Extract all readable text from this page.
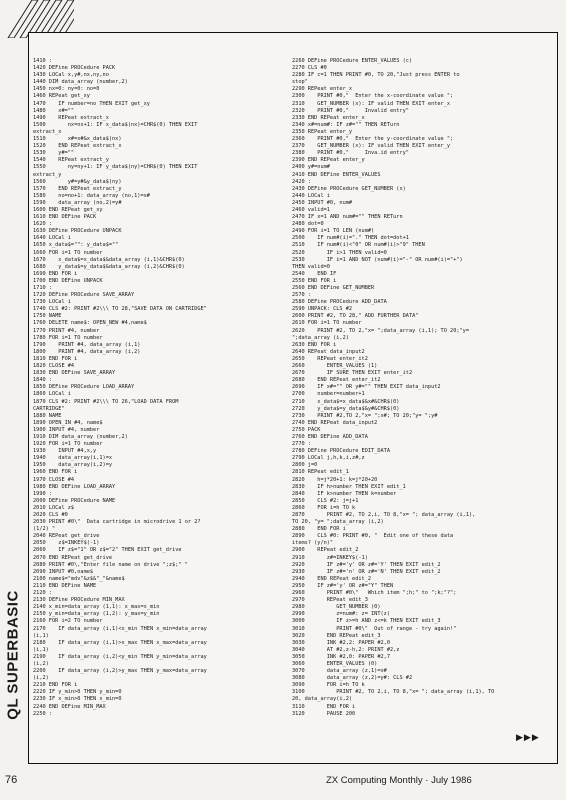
1410 :
1420 DEFine PROCedure PACK
1430 LOCal x,y#,nx,ny,no
1440 DIM data_array (number,2)
1450 nx=0: ny=0: no=0
1460 REPeat get_xy
1470    IF number=no THEN EXIT get_xy
1480    x#=""
1490    REPeat extract_x
1500       nx=nx+1: IF x_data$(nx)=CHR$(0) THEN EXIT
extract_x
1510       x#=x#&x_data$(nx)
1520    END REPeat extract_x
1530    y#=""
1540    REPeat extract_y
1550       ny=ny+1: IF y_data$(ny)=CHR$(0) THEN EXIT
extract_y
1560       y#=y#&y_data$(ny)
1570    END REPeat extract_y
1580    no=no+1: data_array (no,1)=x#
1590    data_array (no,2)=y#
1600 END REPeat get_xy
1610 END DEFine PACK
1620 :
1630 DEFine PROCedure UNPACK
1640 LOCal i
1650 x_data$="": y_data$=""
1660 FOR i=1 TO number
1670    x_data$=x_data$&data_array (i,1)&CHR$(0)
1680    y_data$=y_data$&data_array (i,2)&CHR$(0)
1690 END FOR i
1700 END DEFine UNPACK
1710 :
1720 DEFine PROCedure SAVE_ARRAY
1730 LOCal i
1740 CLS #2: PRINT #2\\\ TO 28,"SAVE DATA ON CARTRIDGE"
1750 NAME
1760 DELETE name$: OPEN_NEW #4,name$
1770 PRINT #4, number
1780 FOR i=1 TO number
1790    PRINT #4, data_array (i,1)
1800    PRINT #4, data_array (i,2)
1810 END FOR i
1820 CLOSE #4
1830 END DEFine SAVE_ARRAY
1840 :
1850 DEFine PROCedure LOAD_ARRAY
1860 LOCal i
1870 CLS #2: PRINT #2\\\ TO 26,"LOAD DATA FROM
CARTRIDGE"
1880 NAME
1890 OPEN_IN #4, name$
1900 INPUT #4, number
1910 DIM data_array (number,2)
1920 FOR i=1 TO number
1930    INPUT #4,x,y
1940    data_array(i,1)=x
1950    data_array(i,2)=y
1960 END FOR i
1970 CLOSE #4
1980 END DEFine LOAD_ARRAY
1990 :
2000 DEFine PROCedure NAME
2010 LOCal z$
2020 CLS #0
2030 PRINT #0\"  Data cartridge in microdrive 1 or 2?
(1/2) "
2040 REPeat get_drive
2050    z$=INKEY$(-1)
2060    IF z$="1" OR z$="2" THEN EXIT get_drive
2070 END REPeat get_drive
2080 PRINT #0\,"Enter file name on drive ";z$;" "
2090 INPUT #0,name$
2100 name$="mdv"&z$&"_"&name$
2110 END DEFine NAME
2120 :
2130 DEFine PROCedure MIN_MAX
2140 x_min=data_array (1,1): x_max=x_min
2150 y_min=data_array (1,2): y_max=y_min
2160 FOR i=2 TO number
2170    IF data_array (i,1)<x_min THEN x_min=data_array
(i,1)
2180    IF data_array (i,1)>x_max THEN x_max=data_array
(i,1)
2190    IF data_array (i,2)<y_min THEN y_min=data_array
(i,2)
2200    IF data_array (i,2)>y_max THEN y_max=data_array
(i,2)
2210 END FOR i
2220 IF y_min>0 THEN y_min=0
2230 IF x_min>0 THEN x_min=0
2240 END DEFine MIN_MAX
2250 :
2260 DEFine PROCedure ENTER_VALUES (c)
2270 CLS #0
2280 IF c=1 THEN PRINT #0, TO 20,"Just press ENTER to
stop"
2290 REPeat enter_x
2300    PRINT #0,"  Enter the x-coordinate value ";
2310    GET_NUMBER (x): IF valid THEN EXIT enter_x
2320    PRINT #0,"     Invalid entry"
2330 END REPeat enter_x
2340 x#=num#: IF z#="" THEN RETurn
2350 REPeat enter_y
2360    PRINT #0,"  Enter the y-coordinate value ";
2370    GET_NUMBER (x): IF valid THEN EXIT enter_y
2380    PRINT #0,"     Inva.id entry"
2390 END REPeat enter_y
2400 y#=num#
2410 END DEFine ENTER_VALUES
2420 :
2430 DEFine PROCedure GET_NUMBER (x)
2440 LOCal i
2450 INPUT #0, num#
2460 valid=1
2470 IF x=1 AND num#="" THEN RETurn
2480 dot=0
2490 FOR i=1 TO LEN (num#)
2500    IF num#(i)="." THEN dot=dot+1
2510    IF num#(i)<"0" OR num#(i)>"9" THEN
2520       IF i>1 THEN valid=0
2530       IF i=1 AND NOT (num#(i)="-" OR num#(i)="+")
THEN valid=0
2540    END IF
2550 END FOR i
2560 END DEFine GET_NUMBER
2570 :
2580 DEFine PROCedure ADD_DATA
2590 UNPACK: CLS #2
2600 PRINT #2, TO 28," ADD FURTHER DATA"
2610 FOR i=1 TO number
2620    PRINT #2, TO 2,"x= ";data_array (i,1); TO 20;"y=
";data_array (i,2)
2630 END FOR i
2640 REPeat data_input2
2650    REPeat enter_it2
2660       ENTER_VALUES (1)
2670       IF SURE THEN EXIT enter_it2
2680    END REPeat enter_it2
2690    IF x#="" OR y#="" THEN EXIT data_input2
2700    number=number+1
2710    x_data$=x_data$&x#&CHR$(0)
2720    y_data$=y_data$&y#&CHR$(0)
2730    PRINT #2,TO 2,"x= ";x#; TO 20;"y= ";y#
2740 END REPeat data_input2
2750 PACK
2760 END DEFine ADD_DATA
2770 :
2780 DEFine PROCedure EDIT_DATA
2790 LOCal j,h,k,i,z#,z
2800 j=0
2810 REPeat edit_1
2820    h=j*20+1: k=j*20+20
2830    IF h>number THEN EXIT edit_1
2840    IF k>number THEN k=number
2850    CLS #2: j=j+1
2860    FOR i=h TO k
2870       PRINT #2, TO 2,i, TO 8,"x= "; data_array (i,1),
TO 20, "y= ";data_array (i,2)
2880    END FOR i
2890    CLS #0: PRINT #0, "  Edit one of these data
items? (y/n)"
2900    REPeat edit_2
2910       z#=INKEY$(-1)
2920       IF z#='y' OR z#='Y' THEN EXIT edit_2
2930       IF z#='n' OR z#='N' THEN EXIT edit_2
2940    END REPeat edit_2
2950    IF z#='y' OR z#="Y" THEN
2960       PRINT #0\"   Which item ";h;" to ";k;"?";
2970       REPeat edit_3
2980          GET_NUMBER (0)
2990          z=num#: z= INT(z)
3000          IF z>=h AND z<=k THEN EXIT edit_3
3010          PRINT #0\"  Out of range - try again!"
3020       END REPeat edit_3
3030       INK #2,2: PAPER #2,0
3040       AT #2,z-h,2: PRINT #2,z
3050       INK #2,0: PAPER #2,7
3060       ENTER_VALUES (0)
3070       data_array (z,1)=x#
3080       data_array (z,2)=y#: CLS #2
3090       FOR i=h TO k
3100          PRINT #2, TO 2,i, TO 8,"x= "; data_array (i,1), TO
20, data_array(i,2)
3110       END FOR i
3120       PAUSE 200
▶▶▶
QL SUPERBASIC
76	ZX Computing Monthly · July 1986
